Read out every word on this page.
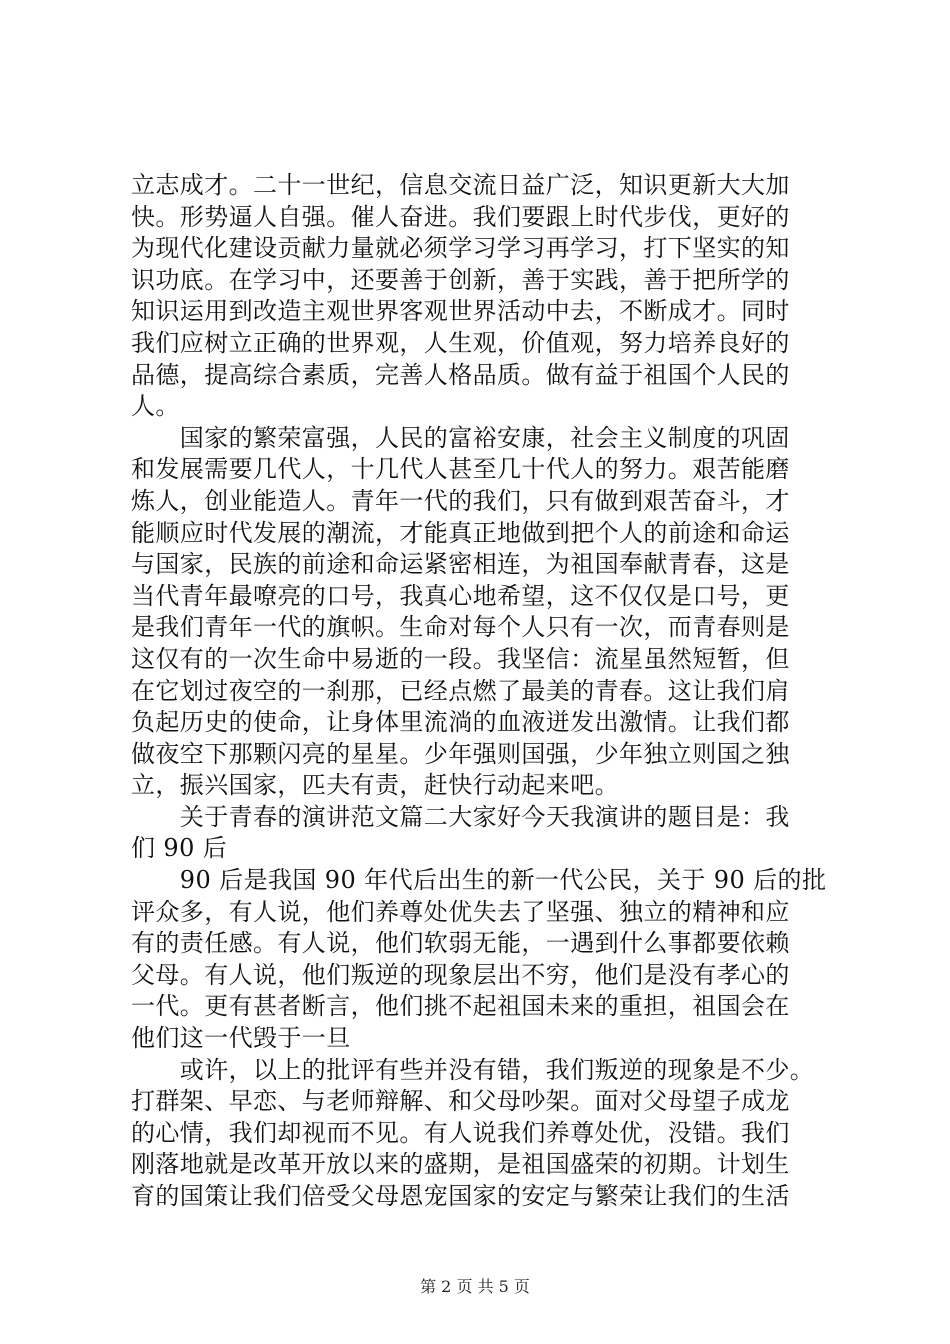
立志成才。二十一世纪，信息交流日益广泛，知识更新大大加
快。形势逼人自强。催人奋进。我们要跟上时代步伐，更好的
为现代化建设贡献力量就必须学习学习再学习，打下坚实的知
识功底。在学习中，还要善于创新，善于实践，善于把所学的
知识运用到改造主观世界客观世界活动中去，不断成才。同时
我们应树立正确的世界观，人生观，价值观，努力培养良好的
品德，提高综合素质，完善人格品质。做有益于祖国个人民的
人。
　　国家的繁荣富强，人民的富裕安康，社会主义制度的巩固
和发展需要几代人，十几代人甚至几十代人的努力。艰苦能磨
炼人，创业能造人。青年一代的我们，只有做到艰苦奋斗，才
能顺应时代发展的潮流，才能真正地做到把个人的前途和命运
与国家，民族的前途和命运紧密相连，为祖国奉献青春，这是
当代青年最嘹亮的口号，我真心地希望，这不仅仅是口号，更
是我们青年一代的旗帜。生命对每个人只有一次，而青春则是
这仅有的一次生命中易逝的一段。我坚信：流星虽然短暂，但
在它划过夜空的一刹那，已经点燃了最美的青春。这让我们肩
负起历史的使命，让身体里流淌的血液迸发出激情。让我们都
做夜空下那颗闪亮的星星。少年强则国强，少年独立则国之独
立，振兴国家，匹夫有责，赶快行动起来吧。
　　关于青春的演讲范文篇二大家好今天我演讲的题目是：我
们 90 后
　　90 后是我国 90 年代后出生的新一代公民，关于 90 后的批
评众多，有人说，他们养尊处优失去了坚强、独立的精神和应
有的责任感。有人说，他们软弱无能，一遇到什么事都要依赖
父母。有人说，他们叛逆的现象层出不穷，他们是没有孝心的
一代。更有甚者断言，他们挑不起祖国未来的重担，祖国会在
他们这一代毁于一旦
　　或许，以上的批评有些并没有错，我们叛逆的现象是不少。
打群架、早恋、与老师辩解、和父母吵架。面对父母望子成龙
的心情，我们却视而不见。有人说我们养尊处优，没错。我们
刚落地就是改革开放以来的盛期，是祖国盛荣的初期。计划生
育的国策让我们倍受父母恩宠国家的安定与繁荣让我们的生活
第 2 页 共 5 页
